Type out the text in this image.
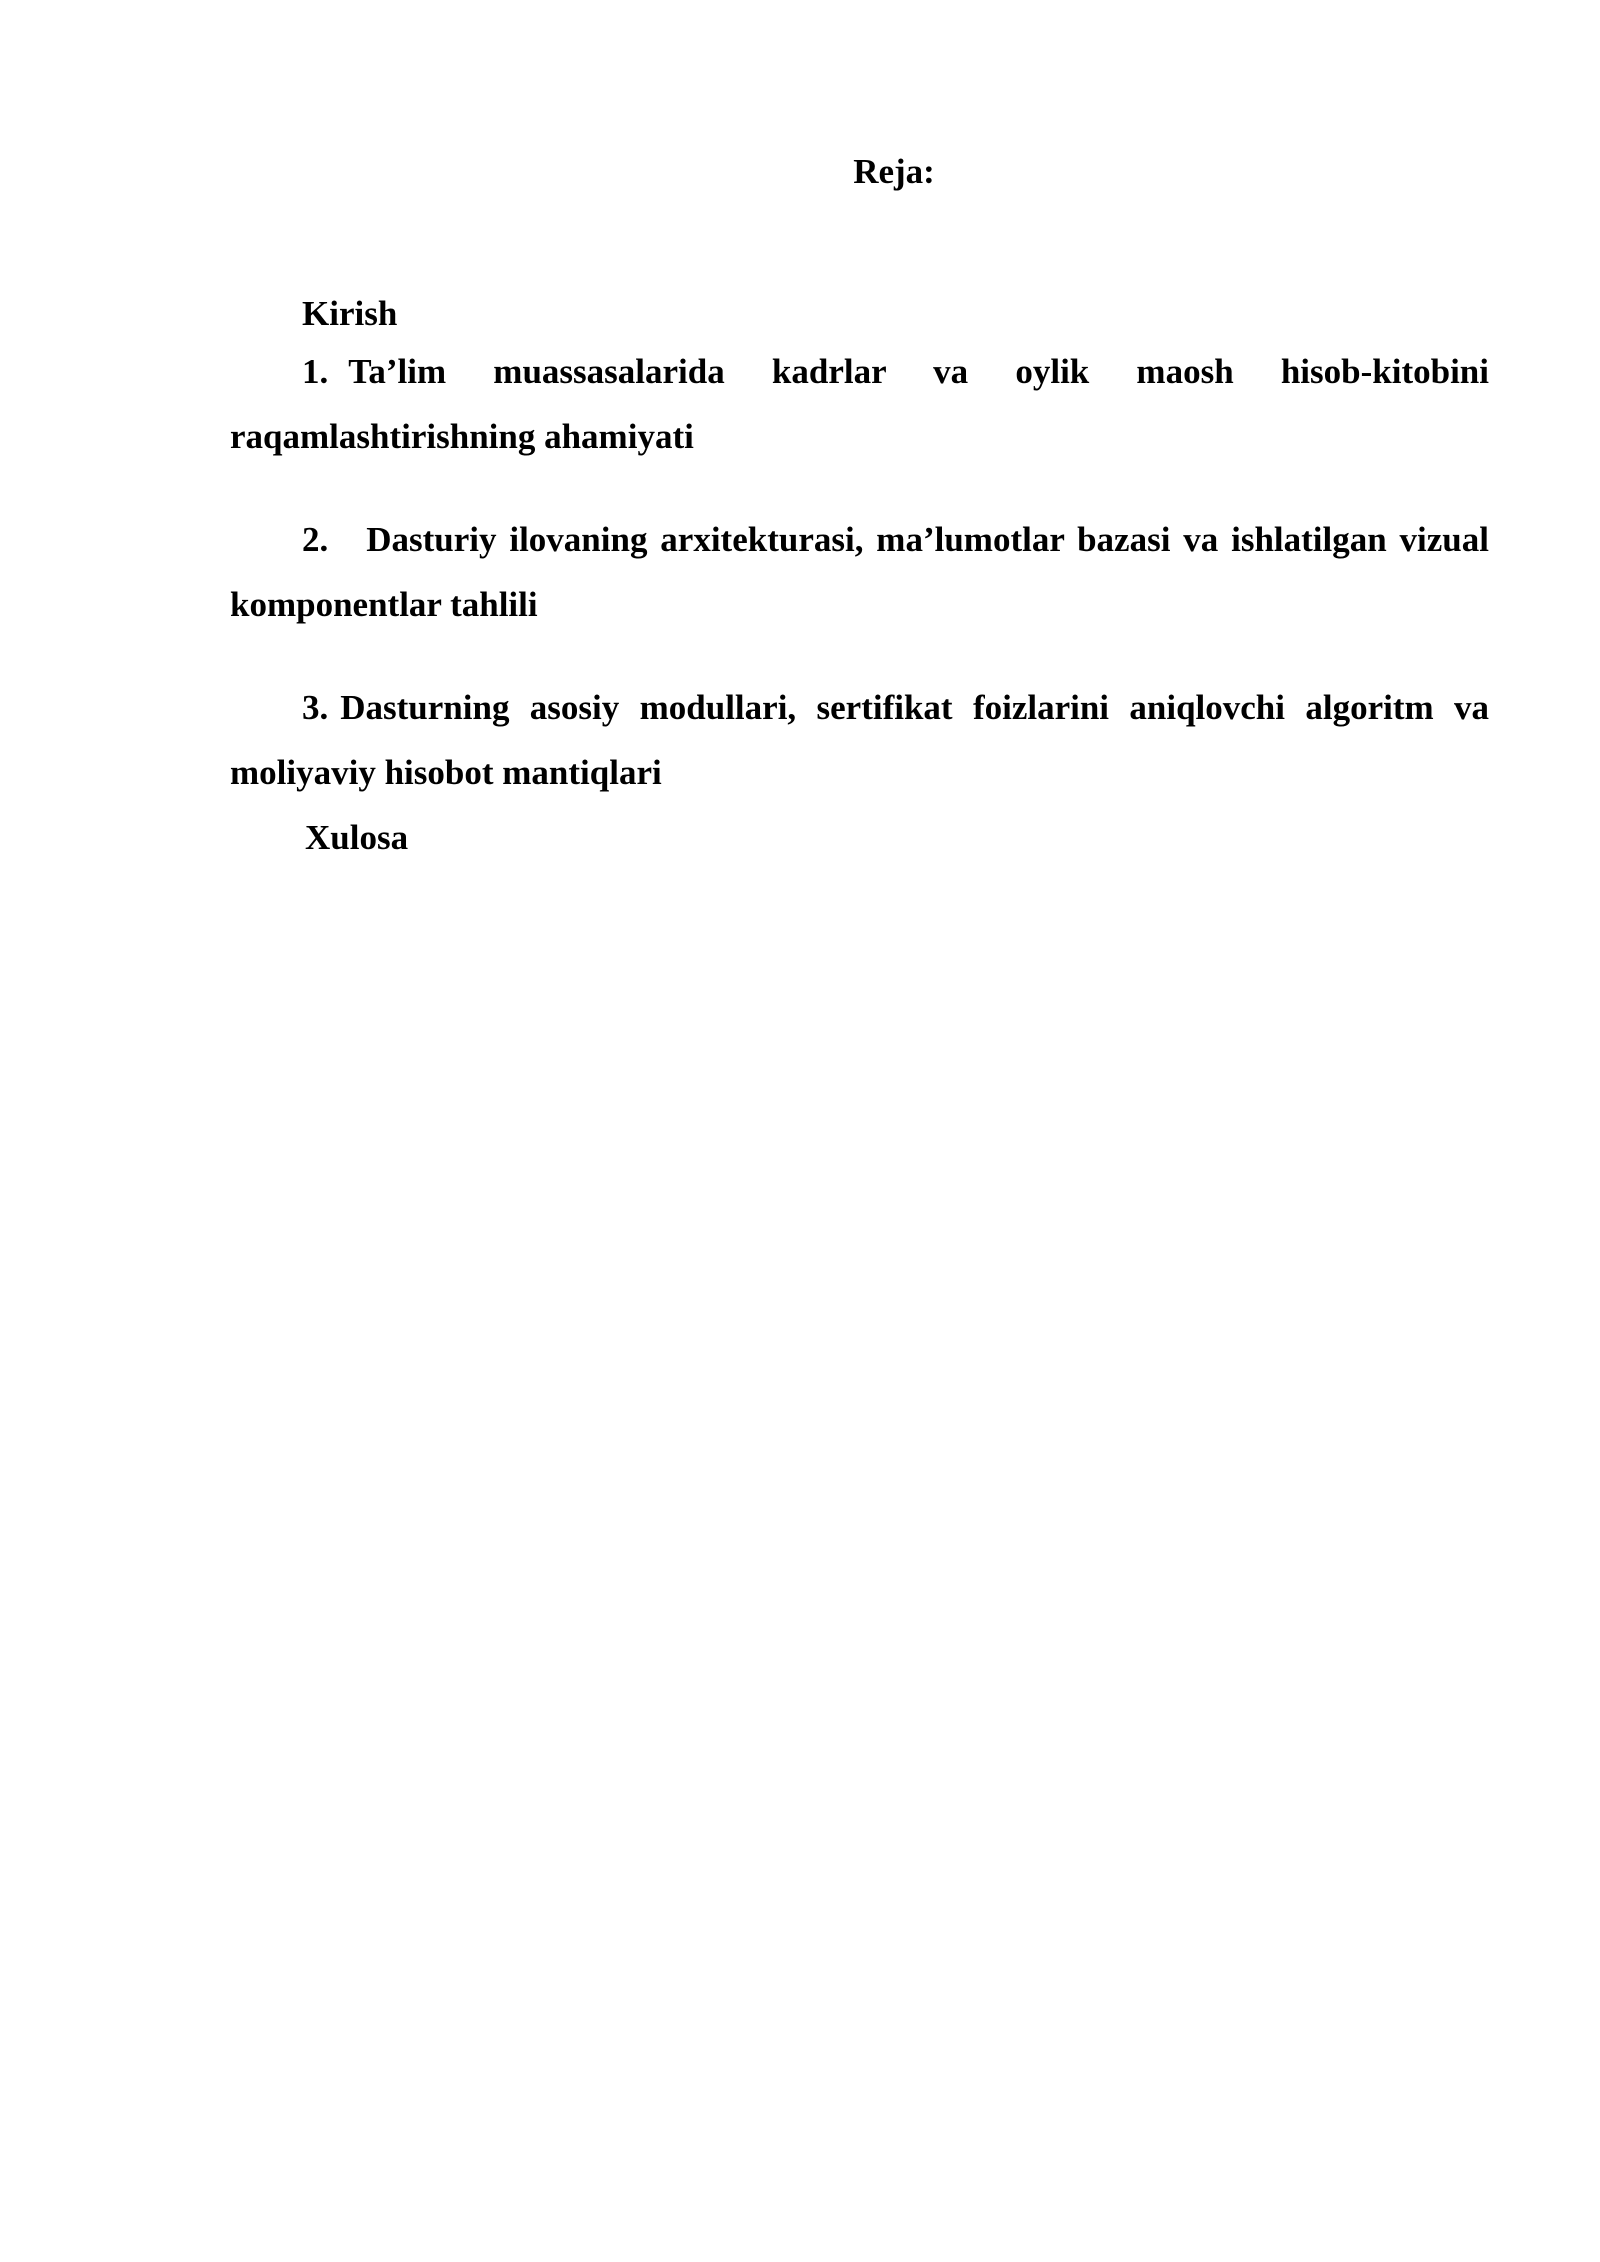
Reja:

Kirish

1. Ta’lim muassasalarida kadrlar va oylik maosh hisob-kitobini raqamlashtirishning ahamiyati

2. Dasturiy ilovaning arxitekturasi, ma’lumotlar bazasi va ishlatilgan vizual komponentlar tahlili

3. Dasturning asosiy modullari, sertifikat foizlarini aniqlovchi algoritm va moliyaviy hisobot mantiqlari

Xulosa
